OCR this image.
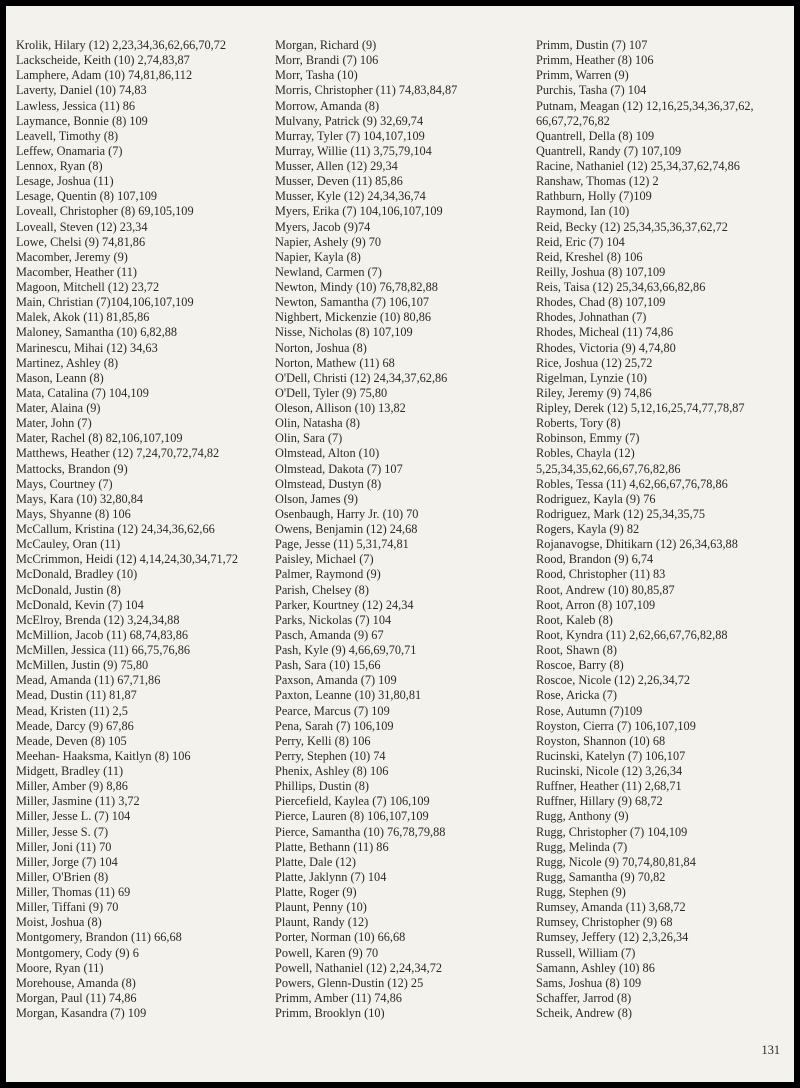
Krolik, Hilary (12) 2,23,34,36,62,66,70,72
Lackscheide, Keith (10) 2,74,83,87
Lamphere, Adam (10) 74,81,86,112
Laverty, Daniel (10) 74,83
Lawless, Jessica (11) 86
Laymance, Bonnie (8) 109
Leavell, Timothy (8)
Leffew, Onamaria (7)
Lennox, Ryan (8)
Lesage, Joshua (11)
Lesage, Quentin (8) 107,109
Loveall, Christopher (8) 69,105,109
Loveall, Steven (12) 23,34
Lowe, Chelsi (9) 74,81,86
Macomber, Jeremy (9)
Macomber, Heather (11)
Magoon, Mitchell (12) 23,72
Main, Christian (7)104,106,107,109
Malek, Akok (11) 81,85,86
Maloney, Samantha (10) 6,82,88
Marinescu, Mihai (12) 34,63
Martinez, Ashley (8)
Mason, Leann (8)
Mata, Catalina (7) 104,109
Mater, Alaina (9)
Mater, John (7)
Mater, Rachel (8) 82,106,107,109
Matthews, Heather (12) 7,24,70,72,74,82
Mattocks, Brandon (9)
Mays, Courtney (7)
Mays, Kara (10) 32,80,84
Mays, Shyanne (8) 106
McCallum, Kristina (12) 24,34,36,62,66
McCauley, Oran (11)
McCrimmon, Heidi (12) 4,14,24,30,34,71,72
McDonald, Bradley (10)
McDonald, Justin (8)
McDonald, Kevin (7) 104
McElroy, Brenda (12) 3,24,34,88
McMillion, Jacob (11) 68,74,83,86
McMillen, Jessica (11) 66,75,76,86
McMillen, Justin (9) 75,80
Mead, Amanda (11) 67,71,86
Mead, Dustin (11) 81,87
Mead, Kristen (11) 2,5
Meade, Darcy (9) 67,86
Meade, Deven (8) 105
Meehan- Haaksma, Kaitlyn (8) 106
Midgett, Bradley (11)
Miller, Amber (9) 8,86
Miller, Jasmine (11) 3,72
Miller, Jesse L. (7) 104
Miller, Jesse S. (7)
Miller, Joni (11) 70
Miller, Jorge (7) 104
Miller, O'Brien (8)
Miller, Thomas (11) 69
Miller, Tiffani (9) 70
Moist, Joshua (8)
Montgomery, Brandon (11) 66,68
Montgomery, Cody (9) 6
Moore, Ryan (11)
Morehouse, Amanda (8)
Morgan, Paul (11) 74,86
Morgan, Kasandra (7) 109
Morgan, Richard (9)
Morr, Brandi (7) 106
Morr, Tasha (10)
Morris, Christopher (11) 74,83,84,87
Morrow, Amanda (8)
Mulvany, Patrick (9) 32,69,74
Murray, Tyler (7) 104,107,109
Murray, Willie (11) 3,75,79,104
Musser, Allen (12) 29,34
Musser, Deven (11) 85,86
Musser, Kyle (12) 24,34,36,74
Myers, Erika (7) 104,106,107,109
Myers, Jacob (9)74
Napier, Ashely (9) 70
Napier, Kayla (8)
Newland, Carmen (7)
Newton, Mindy (10) 76,78,82,88
Newton, Samantha (7) 106,107
Nighbert, Mickenzie (10) 80,86
Nisse, Nicholas (8) 107,109
Norton, Joshua (8)
Norton, Mathew (11) 68
O'Dell, Christi (12) 24,34,37,62,86
O'Dell, Tyler (9) 75,80
Oleson, Allison (10) 13,82
Olin, Natasha (8)
Olin, Sara (7)
Olmstead, Alton (10)
Olmstead, Dakota (7) 107
Olmstead, Dustyn (8)
Olson, James (9)
Osenbaugh, Harry Jr. (10) 70
Owens, Benjamin (12) 24,68
Page, Jesse (11) 5,31,74,81
Paisley, Michael (7)
Palmer, Raymond (9)
Parish, Chelsey (8)
Parker, Kourtney (12) 24,34
Parks, Nickolas (7) 104
Pasch, Amanda (9) 67
Pash, Kyle (9) 4,66,69,70,71
Pash, Sara (10) 15,66
Paxson, Amanda (7) 109
Paxton, Leanne (10) 31,80,81
Pearce, Marcus (7) 109
Pena, Sarah (7) 106,109
Perry, Kelli (8) 106
Perry, Stephen (10) 74
Phenix, Ashley (8) 106
Phillips, Dustin (8)
Piercefield, Kaylea (7) 106,109
Pierce, Lauren (8) 106,107,109
Pierce, Samantha (10) 76,78,79,88
Platte, Bethann (11) 86
Platte, Dale (12)
Platte, Jaklynn (7) 104
Platte, Roger (9)
Plaunt, Penny (10)
Plaunt, Randy (12)
Porter, Norman (10) 66,68
Powell, Karen (9) 70
Powell, Nathaniel (12) 2,24,34,72
Powers, Glenn-Dustin (12) 25
Primm, Amber (11) 74,86
Primm, Brooklyn (10)
Primm, Dustin (7) 107
Primm, Heather (8) 106
Primm, Warren (9)
Purchis, Tasha (7) 104
Putnam, Meagan (12) 12,16,25,34,36,37,62,
66,67,72,76,82
Quantrell, Della (8) 109
Quantrell, Randy (7) 107,109
Racine, Nathaniel (12) 25,34,37,62,74,86
Ranshaw, Thomas (12) 2
Rathburn, Holly (7)109
Raymond, Ian (10)
Reid, Becky (12) 25,34,35,36,37,62,72
Reid, Eric (7) 104
Reid, Kreshel (8) 106
Reilly, Joshua (8) 107,109
Reis, Taisa (12) 25,34,63,66,82,86
Rhodes, Chad (8) 107,109
Rhodes, Johnathan (7)
Rhodes, Micheal (11) 74,86
Rhodes, Victoria (9) 4,74,80
Rice, Joshua (12) 25,72
Rigelman, Lynzie (10)
Riley, Jeremy (9) 74,86
Ripley, Derek (12) 5,12,16,25,74,77,78,87
Roberts, Tory (8)
Robinson, Emmy (7)
Robles, Chayla (12)
5,25,34,35,62,66,67,76,82,86
Robles, Tessa (11) 4,62,66,67,76,78,86
Rodriguez, Kayla (9) 76
Rodriguez, Mark (12) 25,34,35,75
Rogers, Kayla (9) 82
Rojanavogse, Dhitikarn (12) 26,34,63,88
Rood, Brandon (9) 6,74
Rood, Christopher (11) 83
Root, Andrew (10) 80,85,87
Root, Arron (8) 107,109
Root, Kaleb (8)
Root, Kyndra (11) 2,62,66,67,76,82,88
Root, Shawn (8)
Roscoe, Barry (8)
Roscoe, Nicole (12) 2,26,34,72
Rose, Aricka (7)
Rose, Autumn (7)109
Royston, Cierra (7) 106,107,109
Royston, Shannon (10) 68
Rucinski, Katelyn (7) 106,107
Rucinski, Nicole (12) 3,26,34
Ruffner, Heather (11) 2,68,71
Ruffner, Hillary (9) 68,72
Rugg, Anthony (9)
Rugg, Christopher (7) 104,109
Rugg, Melinda (7)
Rugg, Nicole (9) 70,74,80,81,84
Rugg, Samantha (9) 70,82
Rugg, Stephen (9)
Rumsey, Amanda (11) 3,68,72
Rumsey, Christopher (9) 68
Rumsey, Jeffery (12) 2,3,26,34
Russell, William (7)
Samann, Ashley (10) 86
Sams, Joshua (8) 109
Schaffer, Jarrod (8)
Scheik, Andrew (8)
131
